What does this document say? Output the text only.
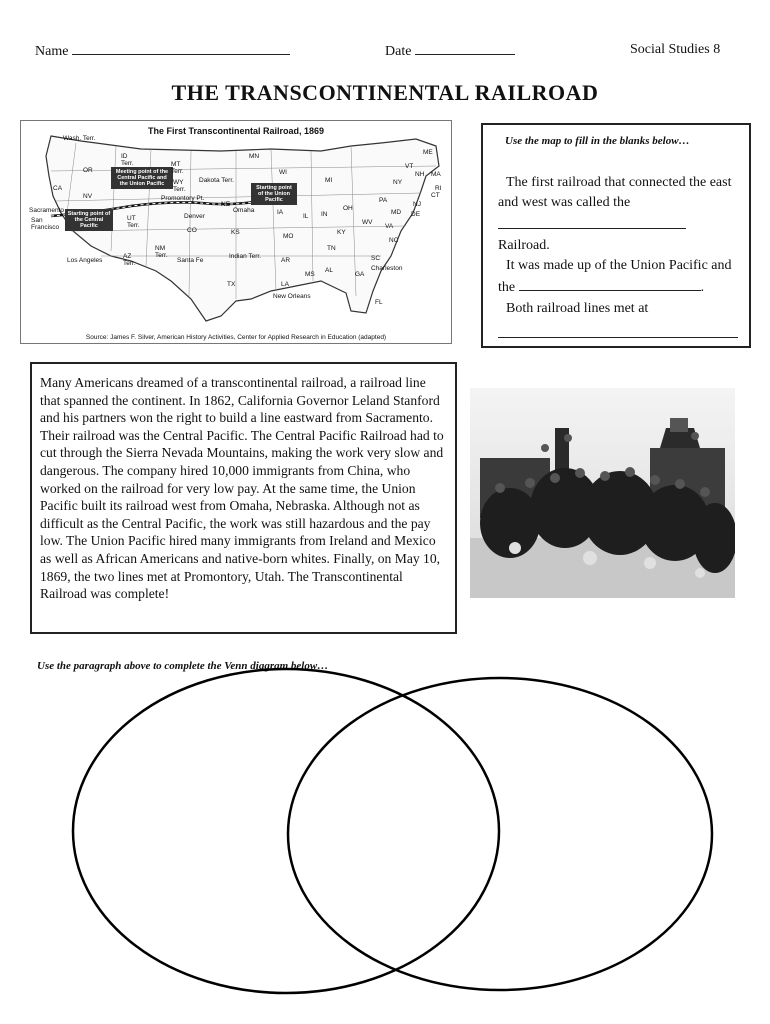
Name	Date	Social Studies 8
THE TRANSCONTINENTAL RAILROAD
The First Transcontinental Railroad, 1869
Meeting point of the Central Pacific and the Union Pacific
Starting point of the Union Pacific
Starting point of the Central Pacific
Wash. Terr.
ID Terr.	MT Terr.
Dakota Terr.
MN
OR
WY Terr.
WI
MI	NY
ME
VT
NH MA
RI
CT
CA
NV	Promontory Pt.
NE
Omaha	IA
IL IN
OH
PA
NJ
MD DE
Sacramento
San Francisco
UT Terr.
Denver
CO	KS
MO
KY
WV
VA
NC
TN
SC
Los Angeles
AZ Terr.
NM Terr.
Santa Fe
Indian Terr.
AR
MS
AL
GA
Charleston
TX	LA
New Orleans
FL
Source: James F. Silver, American History Activities, Center for Applied Research in Education (adapted)
Use the map to fill in the blanks below…
The first railroad that connected the east and west was called the
Railroad.
It was made up of the Union Pacific and the	.
Both railroad lines met at
Many Americans dreamed of a transcontinental railroad, a railroad line that spanned the continent. In 1862, California Governor Leland Stanford and his partners won the right to build a line eastward from Sacramento. Their railroad was the Central Pacific. The Central Pacific Railroad had to cut through the Sierra Nevada Mountains, making the work very slow and dangerous. The company hired 10,000 immigrants from China, who worked on the railroad for very low pay. At the same time, the Union Pacific built its railroad west from Omaha, Nebraska. Although not as difficult as the Central Pacific, the work was still hazardous and the pay low. The Union Pacific hired many immigrants from Ireland and Mexico as well as African Americans and native-born whites. Finally, on May 10, 1869, the two lines met at Promontory, Utah. The Transcontinental Railroad was complete!
Use the paragraph above to complete the Venn diagram below…
